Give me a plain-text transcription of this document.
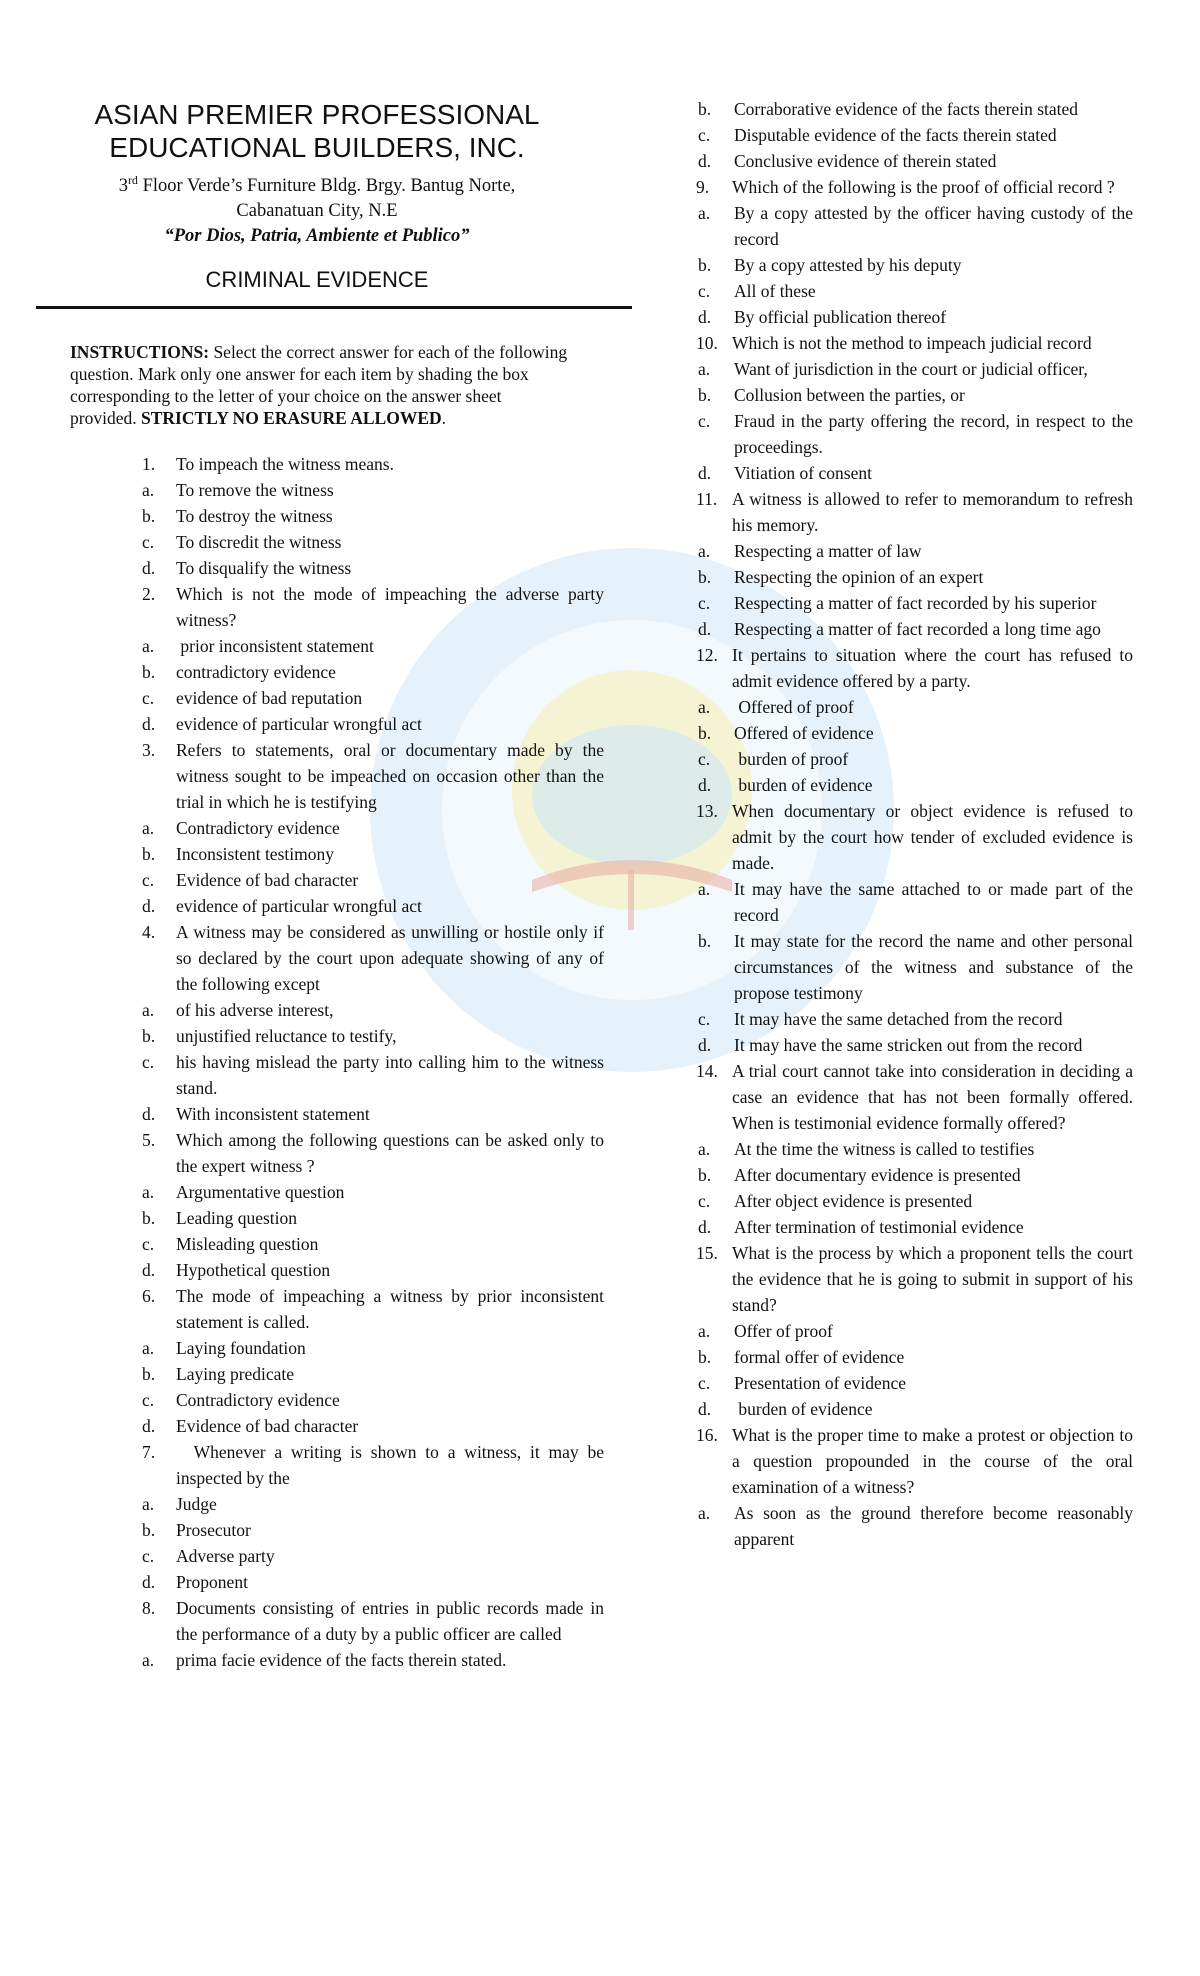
ASIAN PREMIER PROFESSIONAL
EDUCATIONAL BUILDERS, INC.
3rd Floor Verde’s Furniture Bldg. Brgy. Bantug Norte,
Cabanatuan City, N.E
“Por Dios, Patria, Ambiente et Publico”
CRIMINAL EVIDENCE
INSTRUCTIONS: Select the correct answer for each of the following question. Mark only one answer for each item by shading the box corresponding to the letter of your choice on the answer sheet provided. STRICTLY NO ERASURE ALLOWED.
1.	To impeach the witness means.
a.	To remove the witness
b.	To destroy the witness
c.	To discredit the witness
d.	To disqualify the witness
2.	Which is not the mode of impeaching the adverse party witness?
a.	prior inconsistent statement
b.	contradictory evidence
c.	evidence of bad reputation
d.	evidence of particular wrongful act
3.	Refers to statements, oral or documentary made by the witness sought to be impeached on occasion other than the trial in which he is testifying
a.	Contradictory evidence
b.	Inconsistent testimony
c.	Evidence of bad character
d.	evidence of particular wrongful act
4.	A witness may be considered as unwilling or hostile only if so declared by the court upon adequate showing of any of the following except
a.	of his adverse interest,
b.	unjustified reluctance to testify,
c.	his having mislead the party into calling him to the witness stand.
d.	With inconsistent statement
5.	Which among the following questions can be asked only to the expert witness ?
a.	Argumentative question
b.	Leading question
c.	Misleading question
d.	Hypothetical question
6.	The mode of impeaching a witness by prior inconsistent statement is called.
a.	Laying foundation
b.	Laying predicate
c.	Contradictory evidence
d.	Evidence of bad character
7.	Whenever a writing is shown to a witness, it may be inspected by the
a.	Judge
b.	Prosecutor
c.	Adverse party
d.	Proponent
8.	Documents consisting of entries in public records made in the performance of a duty by a public officer are called
a.	prima facie evidence of the facts therein stated.
b.	Corraborative evidence of the facts therein stated
c.	Disputable evidence of the facts therein stated
d.	Conclusive evidence of therein stated
9.	Which of the following is the proof of official record ?
a.	By a copy attested by the officer having custody of the record
b.	By a copy attested by his deputy
c.	All of these
d.	By official publication thereof
10. Which is not the method to impeach judicial record
a.	Want of jurisdiction in the court or judicial officer,
b.	Collusion between the parties, or
c.	Fraud in the party offering the record, in respect to the proceedings.
d.	Vitiation of consent
11. A witness is allowed to refer to memorandum to refresh his memory.
a.	Respecting a matter of law
b.	Respecting the opinion of an expert
c.	Respecting a matter of fact recorded by his superior
d.	Respecting a matter of fact recorded a long time ago
12. It pertains to situation where the court has refused to admit evidence offered by a party.
a.	Offered of proof
b.	Offered of evidence
c.	burden of proof
d.	burden of evidence
13. When documentary or object evidence is refused to admit by the court how tender of excluded evidence is made.
a.	It may have the same attached to or made part of the record
b.	It may state for the record the name and other personal circumstances of the witness and substance of the propose testimony
c.	It may have the same detached from the record
d.	It may have the same stricken out from the record
14. A trial court cannot take into consideration in deciding a case an evidence that has not been formally offered. When is testimonial evidence formally offered?
a.	At the time the witness is called to testifies
b.	After documentary evidence is presented
c.	After object evidence is presented
d.	After termination of testimonial evidence
15. What is the process by which a proponent tells the court the evidence that he is going to submit in support of his stand?
a.	Offer of proof
b.	formal offer of evidence
c.	Presentation of evidence
d.	burden of evidence
16. What is the proper time to make a protest or objection to a question propounded in the course of the oral examination of a witness?
a.	As soon as the ground therefore become reasonably apparent
